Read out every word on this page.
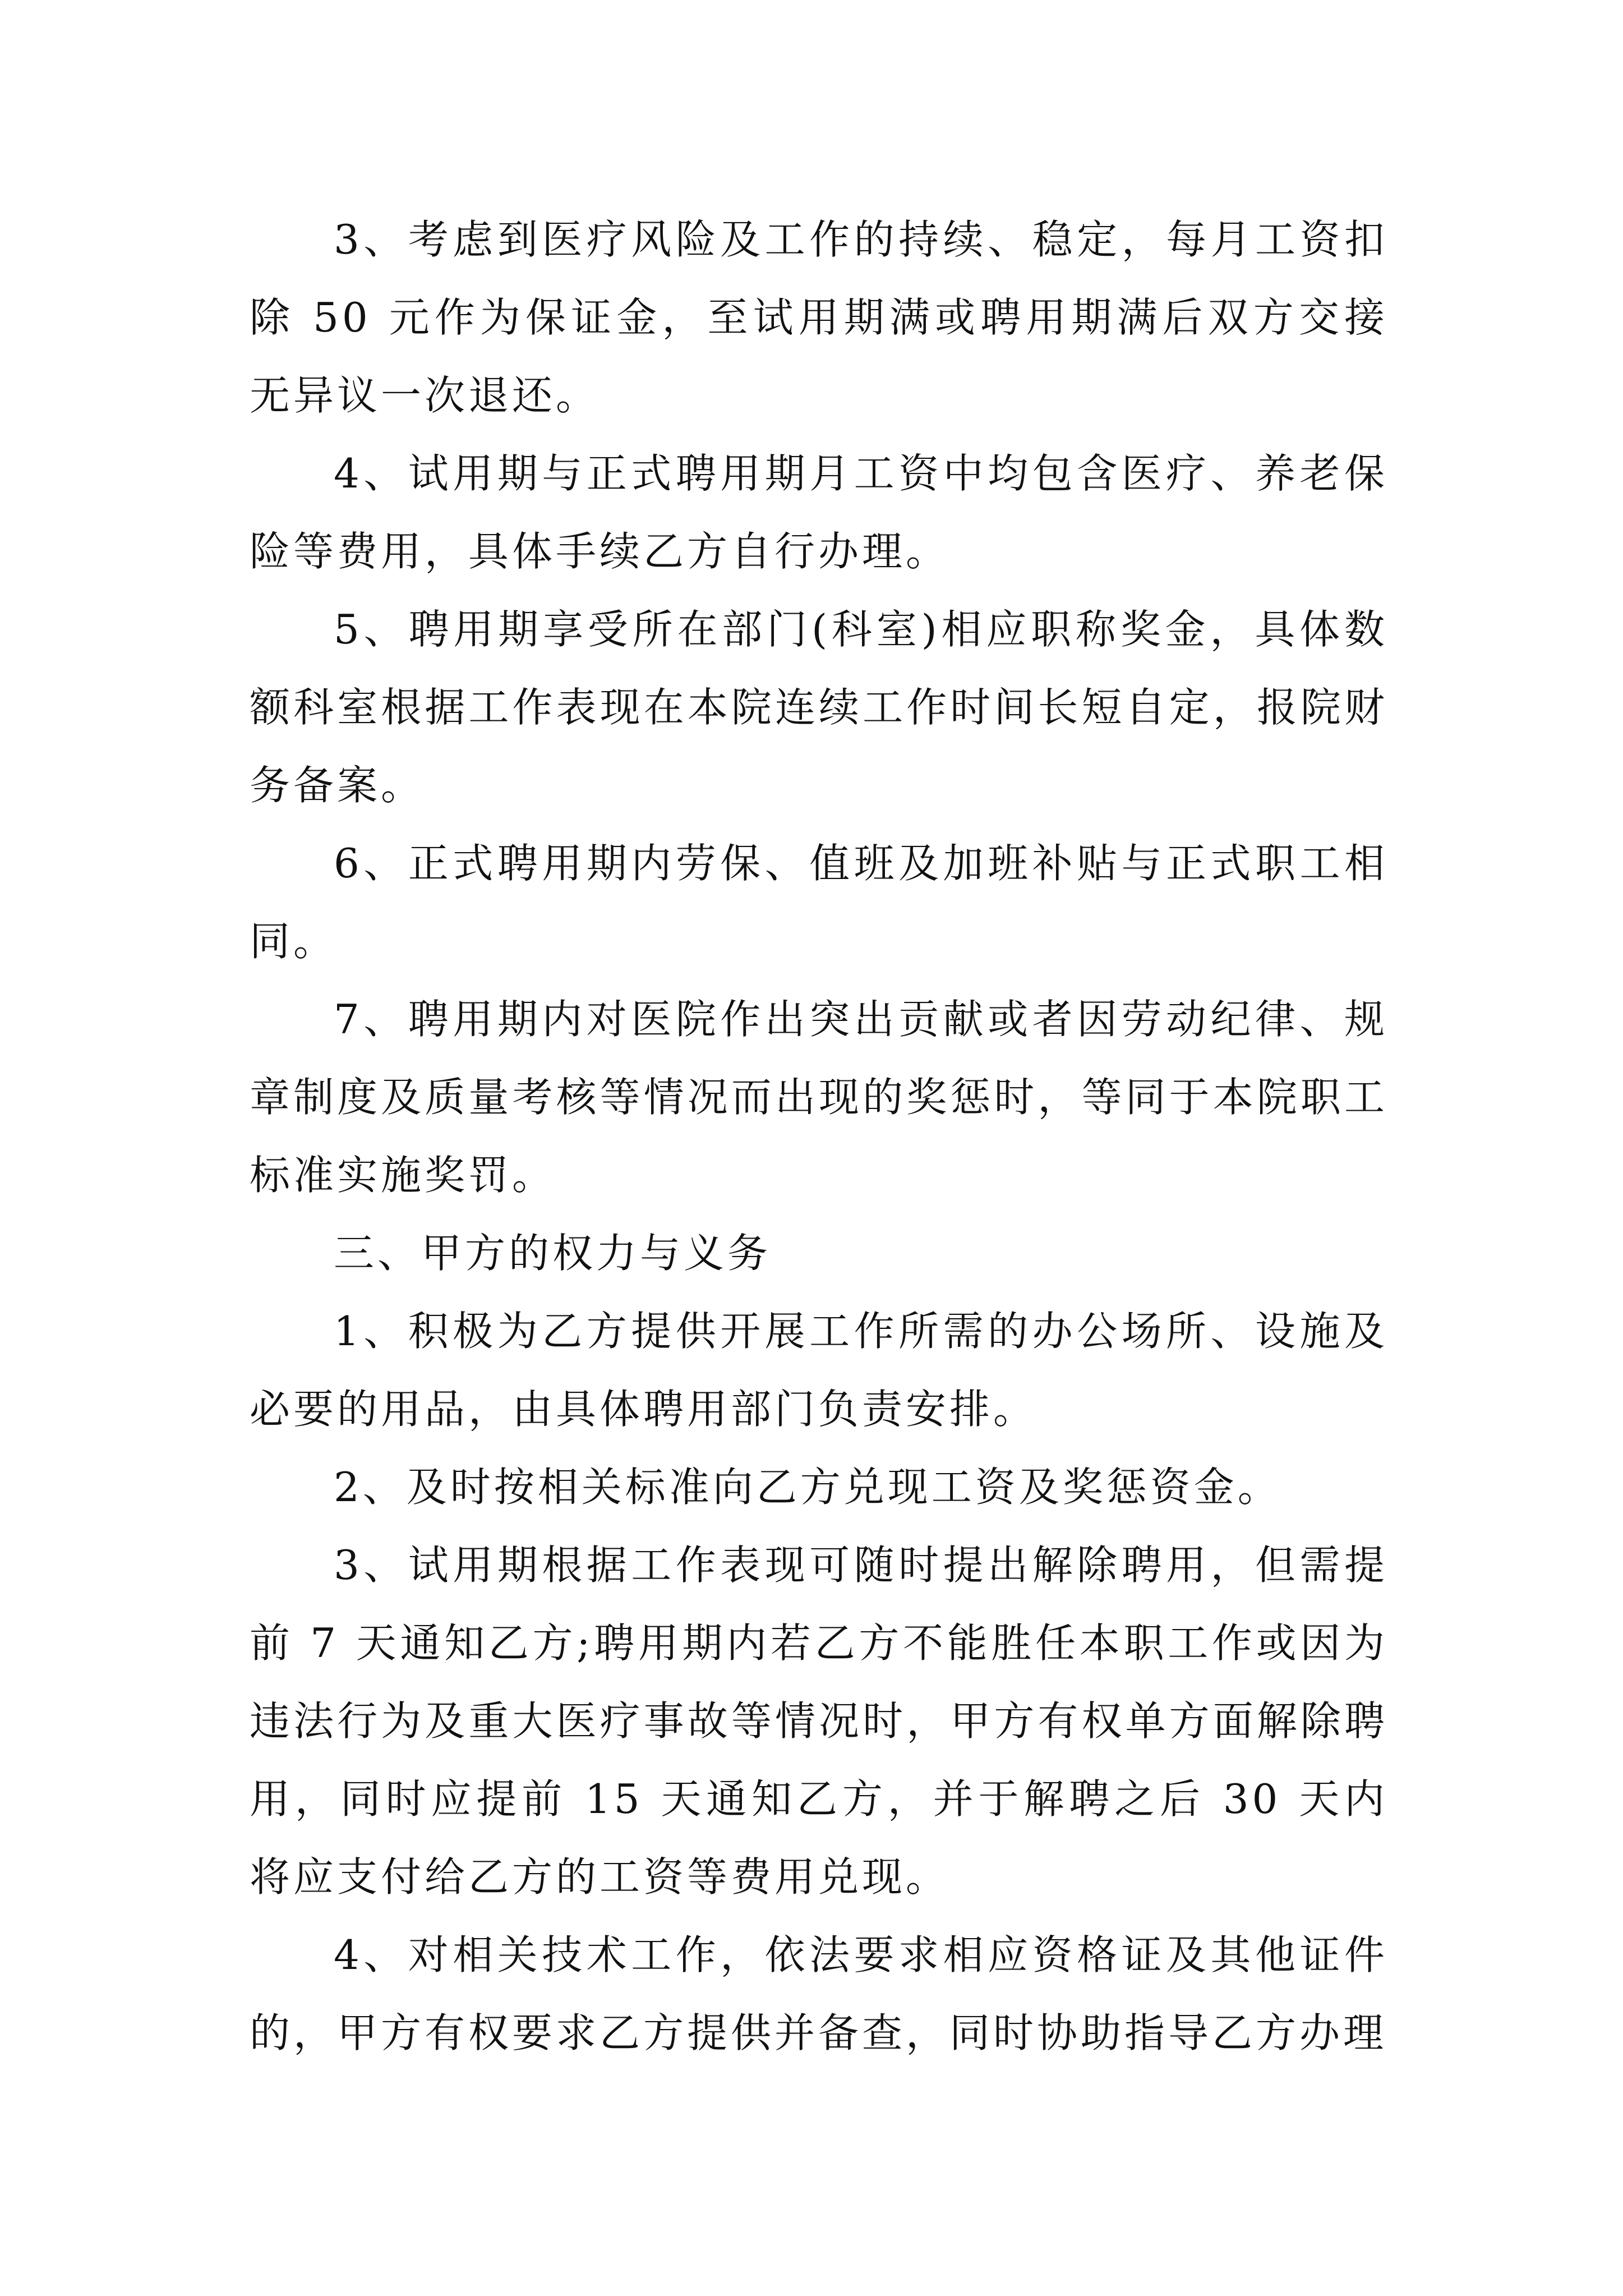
3、考虑到医疗风险及工作的持续、稳定，每月工资扣除 50 元作为保证金，至试用期满或聘用期满后双方交接无异议一次退还。

4、试用期与正式聘用期月工资中均包含医疗、养老保险等费用，具体手续乙方自行办理。

5、聘用期享受所在部门(科室)相应职称奖金，具体数额科室根据工作表现在本院连续工作时间长短自定，报院财务备案。

6、正式聘用期内劳保、值班及加班补贴与正式职工相同。

7、聘用期内对医院作出突出贡献或者因劳动纪律、规章制度及质量考核等情况而出现的奖惩时，等同于本院职工标准实施奖罚。

三、甲方的权力与义务

1、积极为乙方提供开展工作所需的办公场所、设施及必要的用品，由具体聘用部门负责安排。

2、及时按相关标准向乙方兑现工资及奖惩资金。

3、试用期根据工作表现可随时提出解除聘用，但需提前 7 天通知乙方;聘用期内若乙方不能胜任本职工作或因为违法行为及重大医疗事故等情况时，甲方有权单方面解除聘用，同时应提前 15 天通知乙方，并于解聘之后 30 天内将应支付给乙方的工资等费用兑现。

4、对相关技术工作，依法要求相应资格证及其他证件的，甲方有权要求乙方提供并备查，同时协助指导乙方办理
